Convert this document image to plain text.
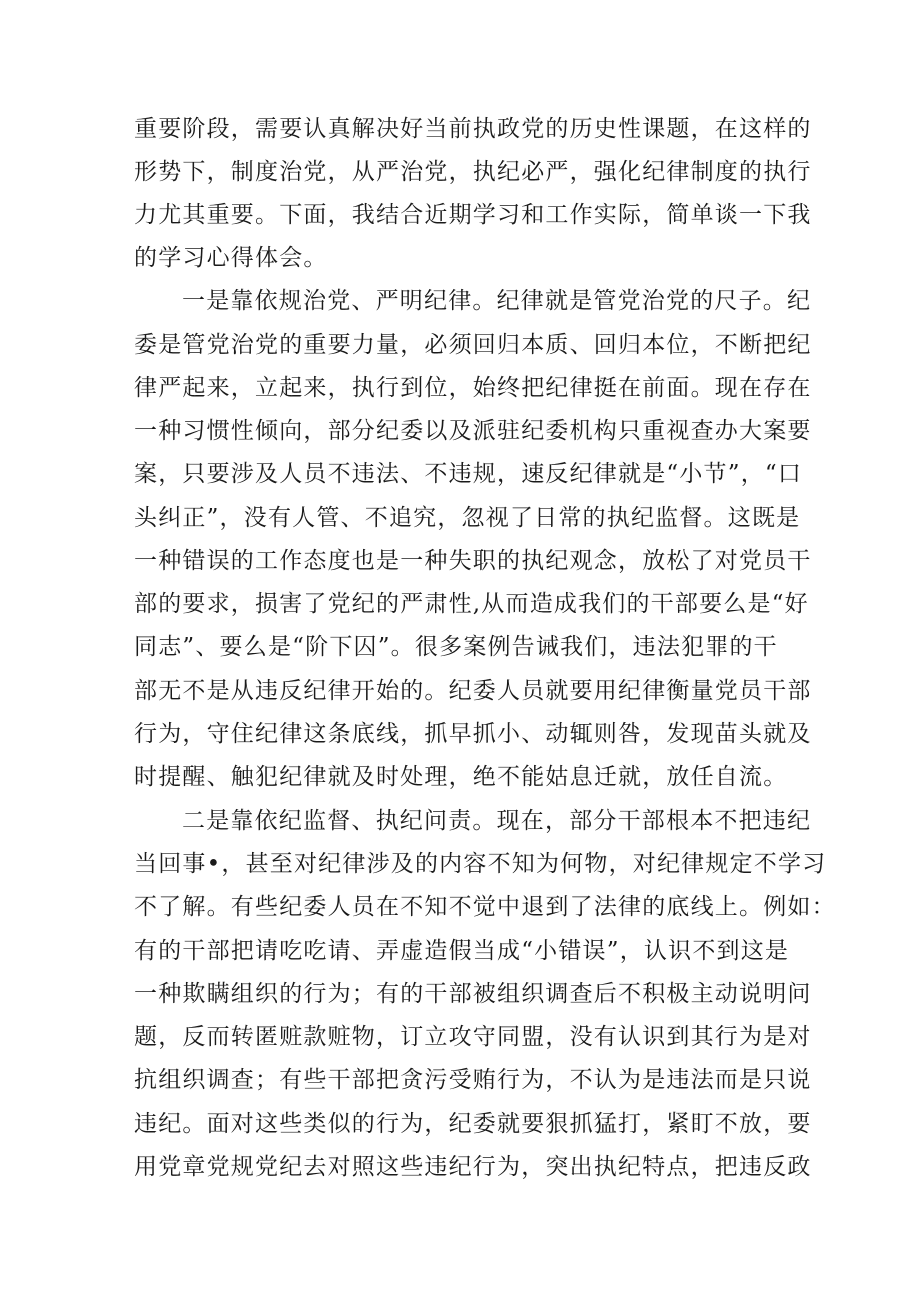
重要阶段，需要认真解决好当前执政党的历史性课题，在这样的
形势下，制度治党，从严治党，执纪必严，强化纪律制度的执行
力尤其重要。下面，我结合近期学习和工作实际，简单谈一下我
的学习心得体会。
一是靠依规治党、严明纪律。纪律就是管党治党的尺子。纪
委是管党治党的重要力量，必须回归本质、回归本位，不断把纪
律严起来，立起来，执行到位，始终把纪律挺在前面。现在存在
一种习惯性倾向，部分纪委以及派驻纪委机构只重视查办大案要
案，只要涉及人员不违法、不违规，速反纪律就是“小节”，“口
头纠正”，没有人管、不追究，忽视了日常的执纪监督。这既是
一种错误的工作态度也是一种失职的执纪观念，放松了对党员干
部的要求，损害了党纪的严肃性,从而造成我们的干部要么是“好
同志”、要么是“阶下囚”。很多案例告诫我们，违法犯罪的干
部无不是从违反纪律开始的。纪委人员就要用纪律衡量党员干部
行为，守住纪律这条底线，抓早抓小、动辄则咎，发现苗头就及
时提醒、触犯纪律就及时处理，绝不能姑息迁就，放任自流。
二是靠依纪监督、执纪问责。现在，部分干部根本不把违纪
当回事•，甚至对纪律涉及的内容不知为何物，对纪律规定不学习
不了解。有些纪委人员在不知不觉中退到了法律的底线上。例如：
有的干部把请吃吃请、弄虚造假当成“小错误”，认识不到这是
一种欺瞒组织的行为；有的干部被组织调查后不积极主动说明问
题，反而转匿赃款赃物，订立攻守同盟，没有认识到其行为是对
抗组织调查；有些干部把贪污受贿行为，不认为是违法而是只说
违纪。面对这些类似的行为，纪委就要狠抓猛打，紧盯不放，要
用党章党规党纪去对照这些违纪行为，突出执纪特点，把违反政
